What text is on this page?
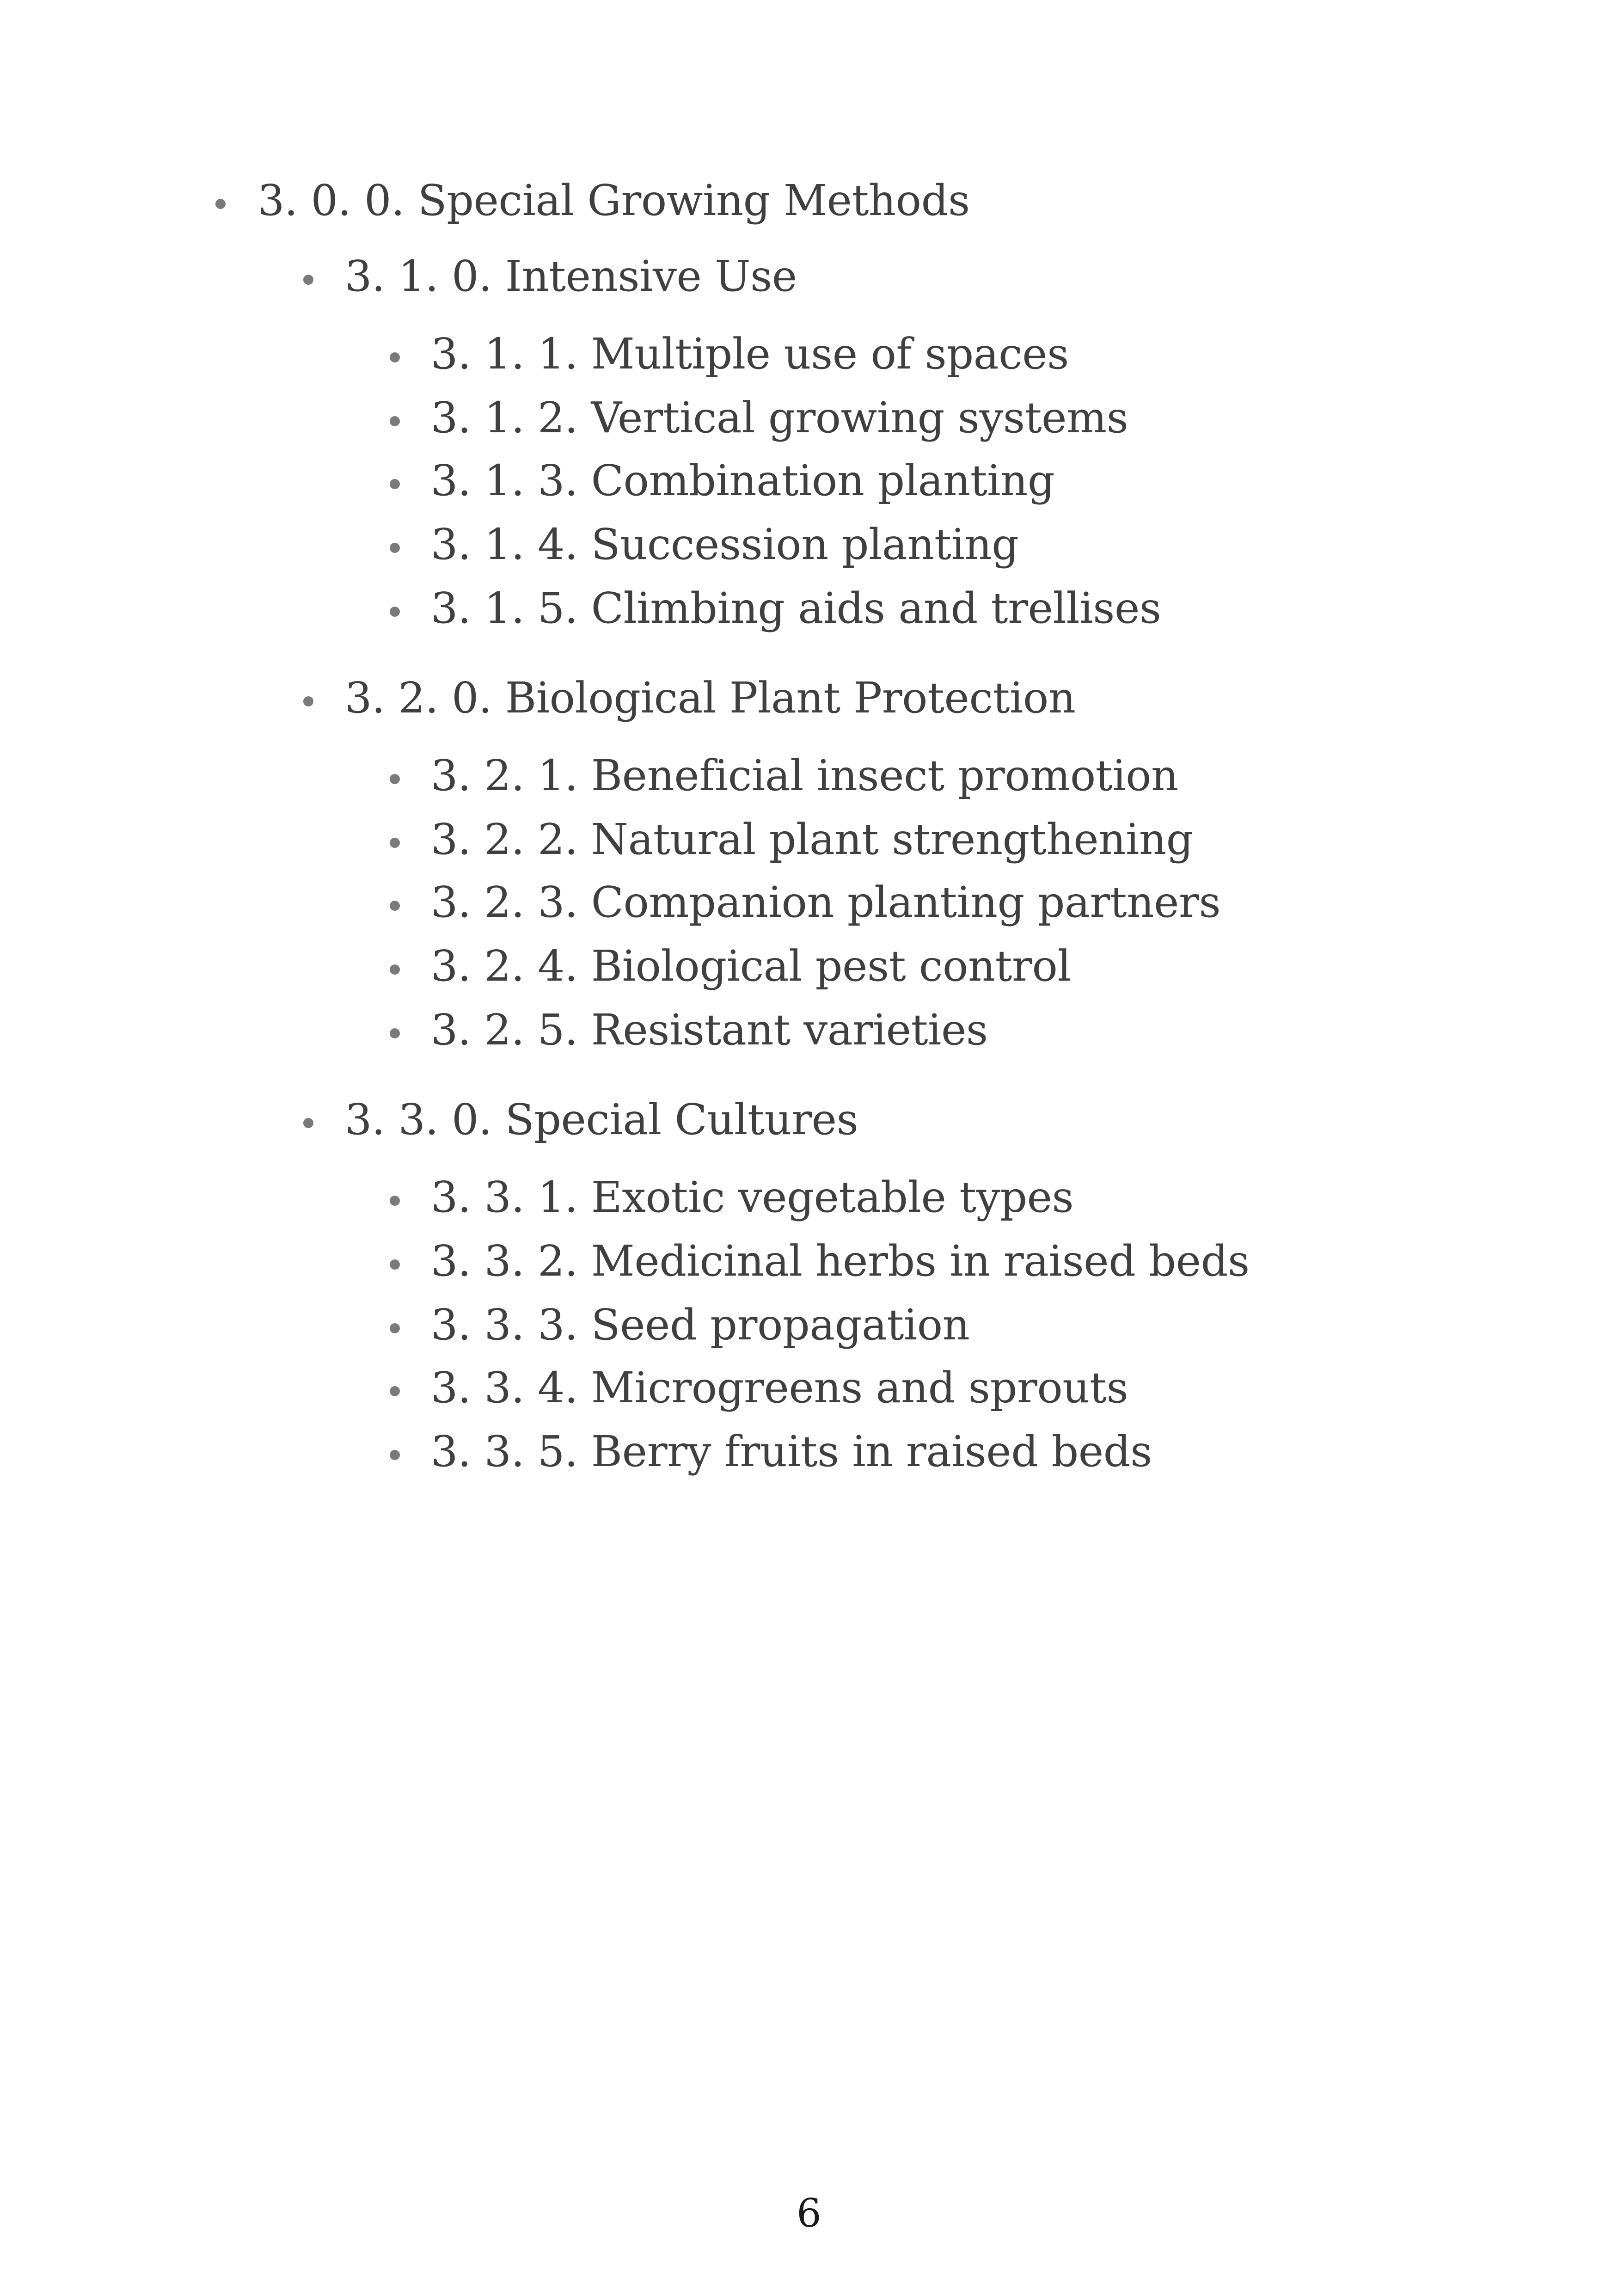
3. 0. 0. Special Growing Methods
3. 1. 0. Intensive Use
3. 1. 1. Multiple use of spaces
3. 1. 2. Vertical growing systems
3. 1. 3. Combination planting
3. 1. 4. Succession planting
3. 1. 5. Climbing aids and trellises
3. 2. 0. Biological Plant Protection
3. 2. 1. Beneficial insect promotion
3. 2. 2. Natural plant strengthening
3. 2. 3. Companion planting partners
3. 2. 4. Biological pest control
3. 2. 5. Resistant varieties
3. 3. 0. Special Cultures
3. 3. 1. Exotic vegetable types
3. 3. 2. Medicinal herbs in raised beds
3. 3. 3. Seed propagation
3. 3. 4. Microgreens and sprouts
3. 3. 5. Berry fruits in raised beds
6
